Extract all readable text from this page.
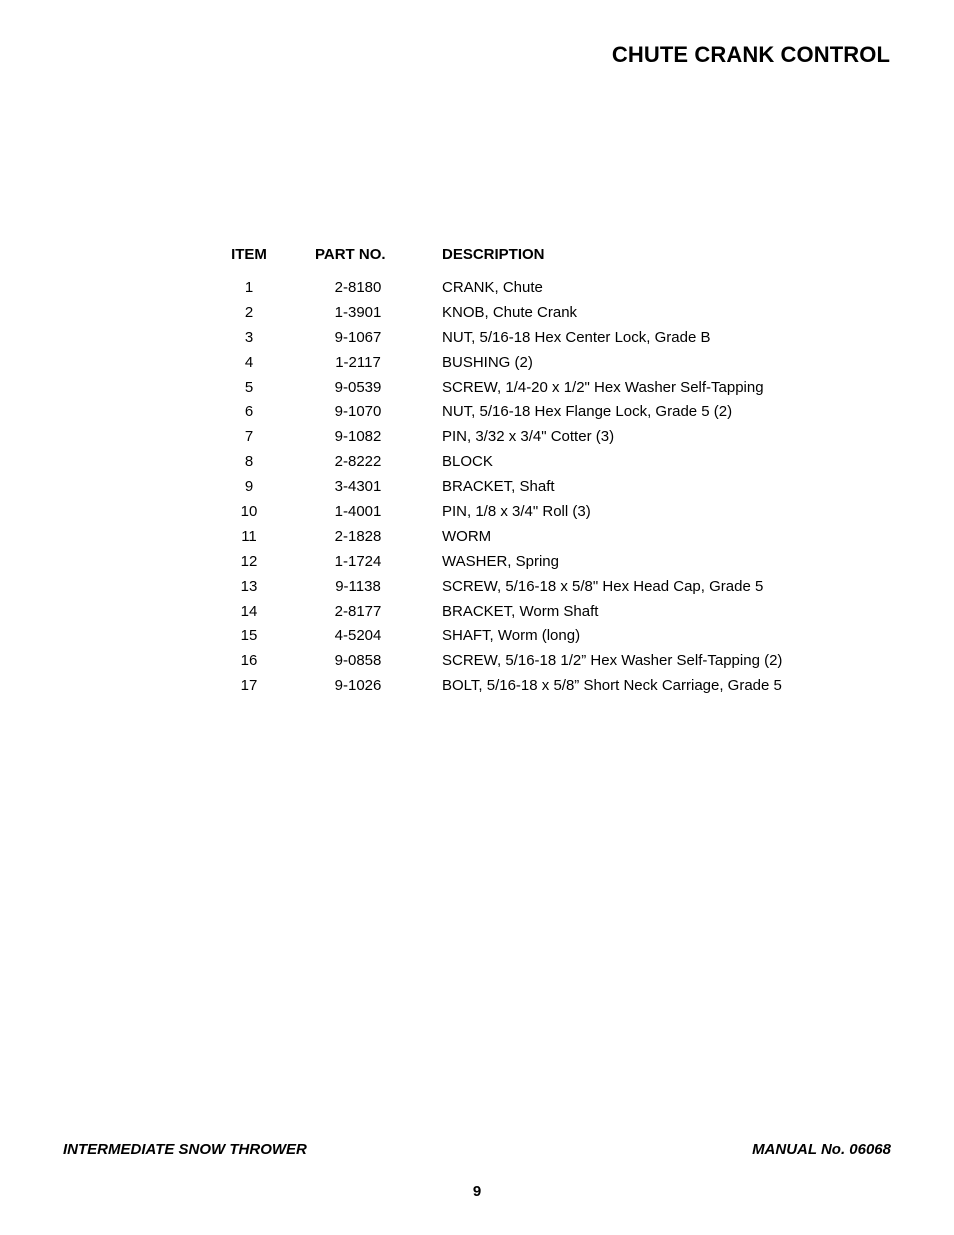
CHUTE CRANK CONTROL
ITEM	PART NO.	DESCRIPTION
1	2-8180	CRANK, Chute
2	1-3901	KNOB, Chute Crank
3	9-1067	NUT, 5/16-18 Hex Center Lock, Grade B
4	1-2117	BUSHING (2)
5	9-0539	SCREW, 1/4-20 x 1/2" Hex Washer Self-Tapping
6	9-1070	NUT, 5/16-18 Hex Flange Lock, Grade 5 (2)
7	9-1082	PIN, 3/32 x 3/4" Cotter (3)
8	2-8222	BLOCK
9	3-4301	BRACKET, Shaft
10	1-4001	PIN, 1/8 x 3/4" Roll (3)
11	2-1828	WORM
12	1-1724	WASHER, Spring
13	9-1138	SCREW, 5/16-18 x 5/8" Hex Head Cap, Grade 5
14	2-8177	BRACKET, Worm Shaft
15	4-5204	SHAFT, Worm (long)
16	9-0858	SCREW, 5/16-18 1/2” Hex Washer Self-Tapping (2)
17	9-1026	BOLT, 5/16-18 x 5/8” Short Neck Carriage, Grade 5
INTERMEDIATE SNOW THROWER	MANUAL No. 06068
9
